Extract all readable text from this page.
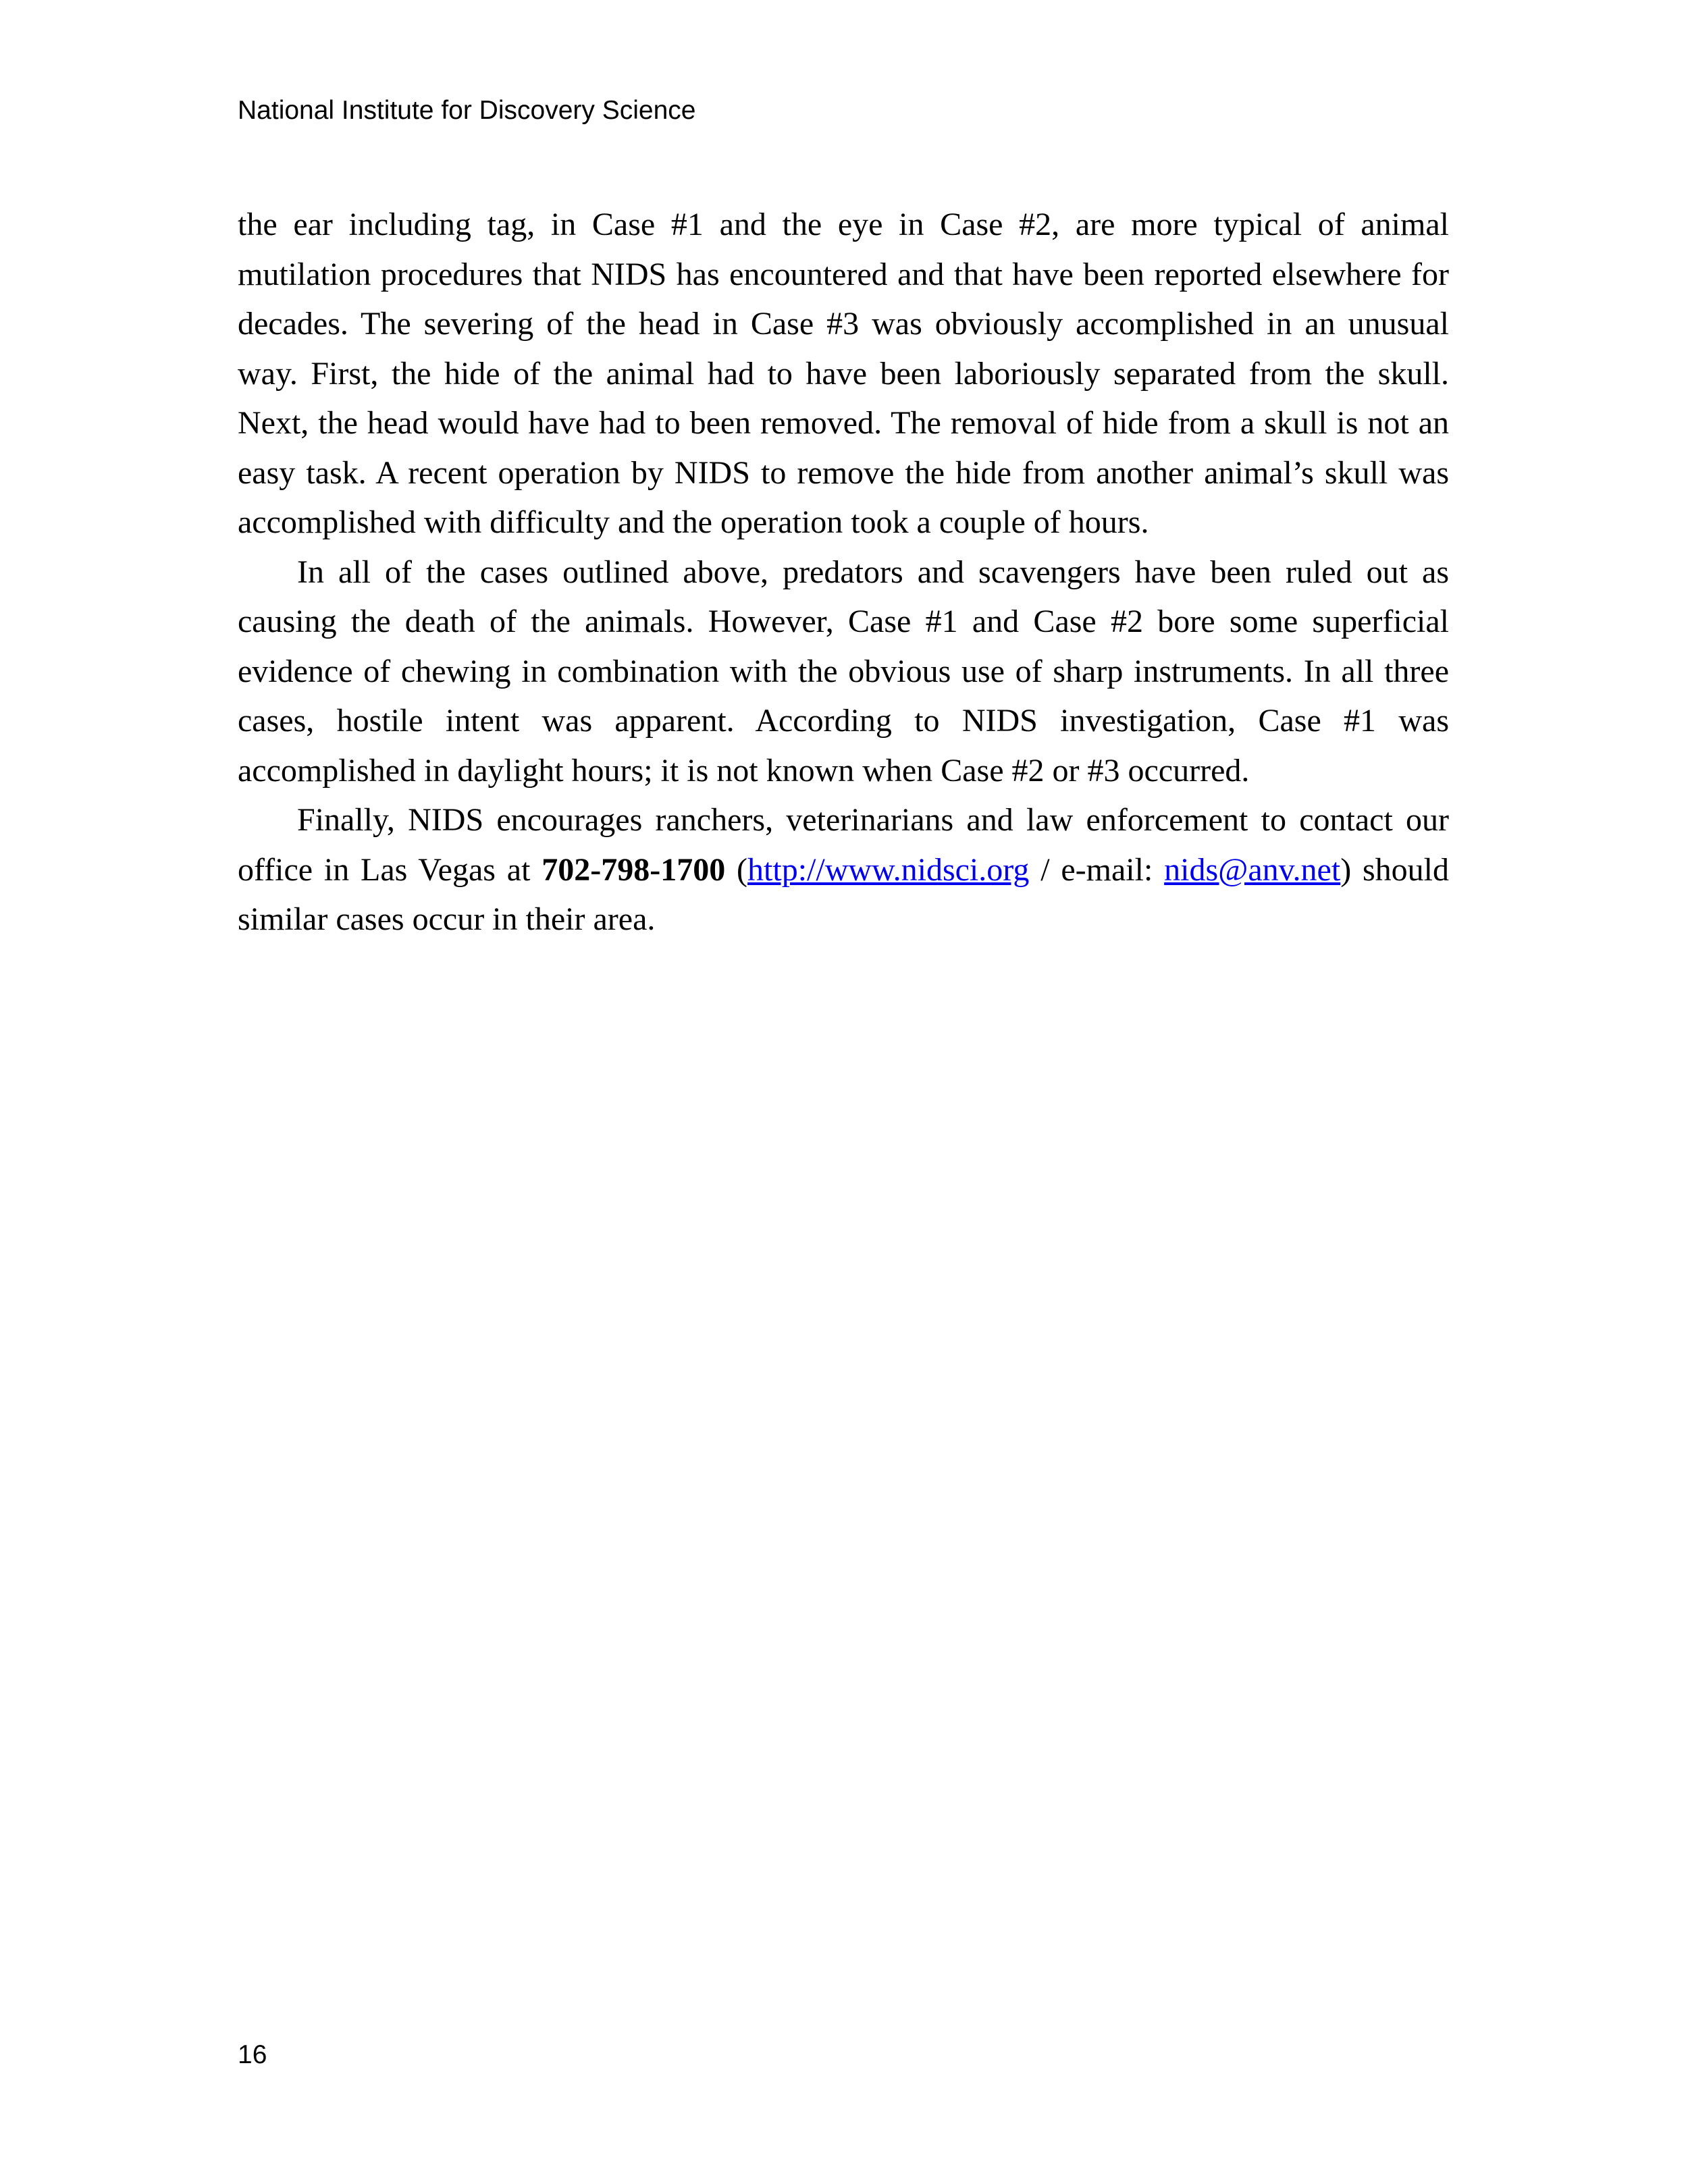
National Institute for Discovery Science

the ear including tag, in Case #1 and the eye in Case #2, are more typical of animal mutilation procedures that NIDS has encountered and that have been reported elsewhere for decades. The severing of the head in Case #3 was obviously accomplished in an unusual way. First, the hide of the animal had to have been laboriously separated from the skull. Next, the head would have had to been removed. The removal of hide from a skull is not an easy task. A recent operation by NIDS to remove the hide from another animal’s skull was accomplished with difficulty and the operation took a couple of hours.

In all of the cases outlined above, predators and scavengers have been ruled out as causing the death of the animals. However, Case #1 and Case #2 bore some superficial evidence of chewing in combination with the obvious use of sharp instruments. In all three cases, hostile intent was apparent. According to NIDS investigation, Case #1 was accomplished in daylight hours; it is not known when Case #2 or #3 occurred.

Finally, NIDS encourages ranchers, veterinarians and law enforcement to contact our office in Las Vegas at 702-798-1700 (http://www.nidsci.org / e-mail: nids@anv.net) should similar cases occur in their area.

16
